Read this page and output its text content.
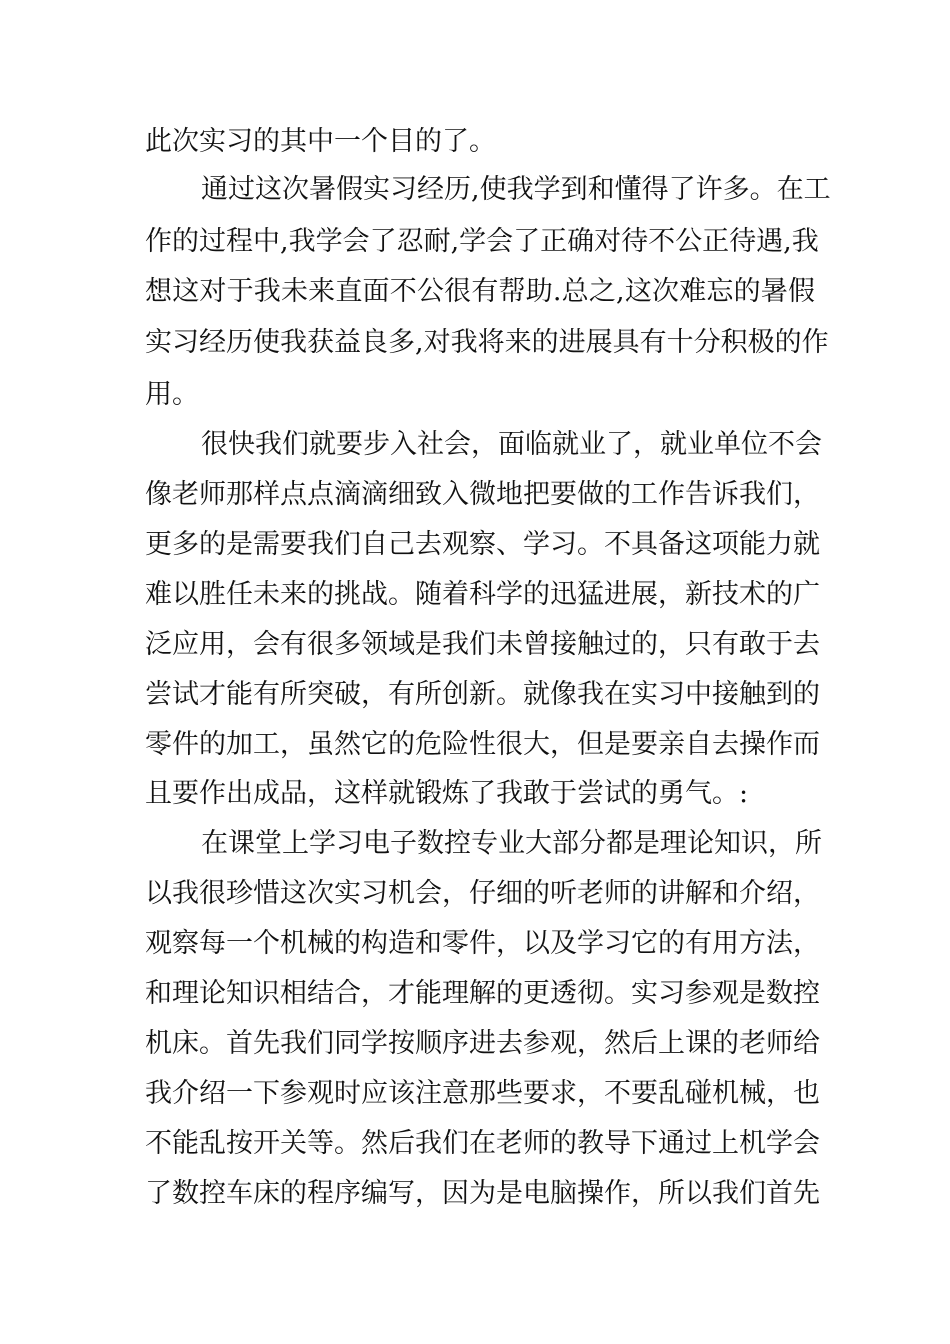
此次实习的其中一个目的了。
通过这次暑假实习经历,使我学到和懂得了许多。在工
作的过程中,我学会了忍耐,学会了正确对待不公正待遇,我
想这对于我未来直面不公很有帮助.总之,这次难忘的暑假
实习经历使我获益良多,对我将来的进展具有十分积极的作
用。
很快我们就要步入社会，面临就业了，就业单位不会
像老师那样点点滴滴细致入微地把要做的工作告诉我们，
更多的是需要我们自己去观察、学习。不具备这项能力就
难以胜任未来的挑战。随着科学的迅猛进展，新技术的广
泛应用，会有很多领域是我们未曾接触过的，只有敢于去
尝试才能有所突破，有所创新。就像我在实习中接触到的
零件的加工，虽然它的危险性很大，但是要亲自去操作而
且要作出成品，这样就锻炼了我敢于尝试的勇气。:
在课堂上学习电子数控专业大部分都是理论知识，所
以我很珍惜这次实习机会，仔细的听老师的讲解和介绍，
观察每一个机械的构造和零件，以及学习它的有用方法，
和理论知识相结合，才能理解的更透彻。实习参观是数控
机床。首先我们同学按顺序进去参观，然后上课的老师给
我介绍一下参观时应该注意那些要求，不要乱碰机械，也
不能乱按开关等。然后我们在老师的教导下通过上机学会
了数控车床的程序编写，因为是电脑操作，所以我们首先
